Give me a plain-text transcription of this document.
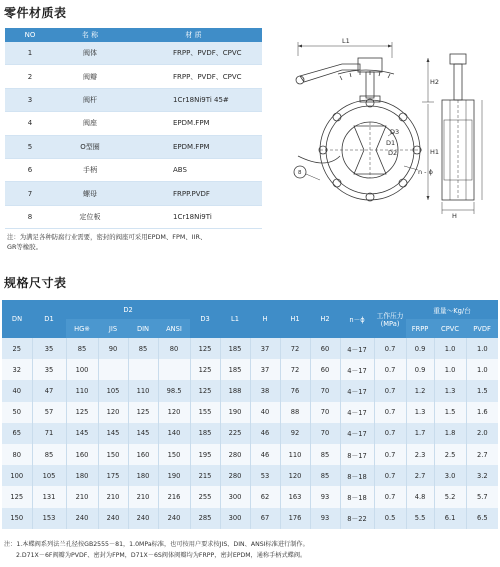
零件材质表
NO	名 称	材 质
1	阀体	FRPP、PVDF、CPVC
2	阀瓣	FRPP、PVDF、CPVC
3	阀杆	1Cr18Ni9Ti 45#
4	阀座	EPDM.FPM
5	O型圈	EPDM.FPM
6	手柄	ABS
7	螺母	FRPP.PVDF
8	定位板	1Cr18Ni9Ti
注：为满足各种防腐行业需要，密封的阀座可采用EPDM、FPM、IIR、
GR等橡胶。
L1
H2
H1
H
D3
D1
D2
n - ϕ
8
规格尺寸表
DN	D1	D2				D3	L1	H	H1	H2	n－ϕ	工作压力
(MPa)	重量～Kg/台		
		HG※	JIS	DIN	ANSI								FRPP	CPVC	PVDF
25	35	85	90	85	80	125	185	37	72	60	4－17	0.7	0.9	1.0	1.0
32	35	100				125	185	37	72	60	4－17	0.7	0.9	1.0	1.0
40	47	110	105	110	98.5	125	188	38	76	70	4－17	0.7	1.2	1.3	1.5
50	57	125	120	125	120	155	190	40	88	70	4－17	0.7	1.3	1.5	1.6
65	71	145	145	145	140	185	225	46	92	70	4－17	0.7	1.7	1.8	2.0
80	85	160	150	160	150	195	280	46	110	85	8－17	0.7	2.3	2.5	2.7
100	105	180	175	180	190	215	280	53	120	85	8－18	0.7	2.7	3.0	3.2
125	131	210	210	210	216	255	300	62	163	93	8－18	0.7	4.8	5.2	5.7
150	153	240	240	240	240	285	300	67	176	93	8－22	0.5	5.5	6.1	6.5
注：1.本蝶阀系列法兰孔径按GB2555－81，1.0MPa标准，也可按用户要求按JIS、DIN、ANSI标准进行制作。
2.D71X－6F阀瓣为PVDF、密封为FPM，D71X－6S阀体阀瓣均为FRPP，密封EPDM，通称手柄式蝶阀。
